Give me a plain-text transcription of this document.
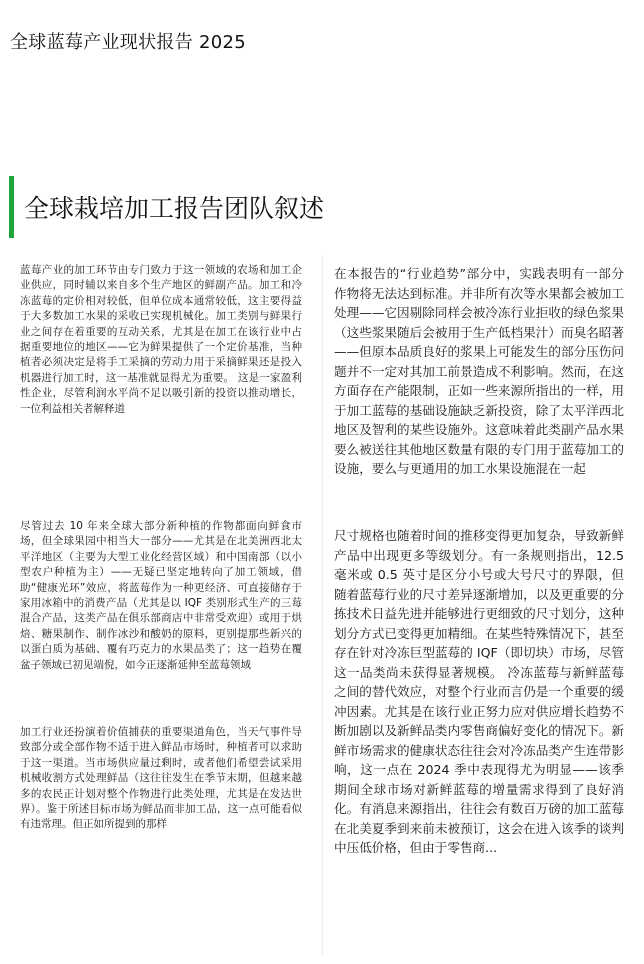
全球蓝莓产业现状报告 2025
全球栽培加工报告团队叙述

蓝莓产业的加工环节由专门致力于这一领域的农场和加工企业供应，同时辅以来自多个生产地区的鲜副产品。加工和冷冻蓝莓的定价相对较低，但单位成本通常较低，这主要得益于大多数加工水果的采收已实现机械化。加工类别与鲜果行业之间存在着重要的互动关系，尤其是在加工在该行业中占据重要地位的地区——它为鲜果提供了一个定价基准，当种植者必须决定是将手工采摘的劳动力用于采摘鲜果还是投入机器进行加工时，这一基准就显得尤为重要。 这是一家盈利性企业，尽管利润水平尚不足以吸引新的投资以推动增长，一位利益相关者解释道

尽管过去 10 年来全球大部分新种植的作物都面向鲜食市场，但全球果园中相当大一部分——尤其是在北美洲西北太平洋地区（主要为大型工业化经营区域）和中国南部（以小型农户种植为主）——无疑已坚定地转向了加工领域，借助“健康光环”效应，将蓝莓作为一种更经济、可直接储存于家用冰箱中的消费产品（尤其是以 IQF 类别形式生产的三莓混合产品，这类产品在俱乐部商店中非常受欢迎）或用于烘焙、糖果制作、制作冰沙和酸奶的原料，更别提那些新兴的以蛋白质为基础、覆有巧克力的水果品类了；这一趋势在覆盆子领域已初见端倪，如今正逐渐延伸至蓝莓领域

加工行业还扮演着价值捕获的重要渠道角色，当天气事件导致部分或全部作物不适于进入鲜品市场时，种植者可以求助于这一渠道。当市场供应量过剩时，或者他们希望尝试采用机械收割方式处理鲜品（这往往发生在季节末期，但越来越多的农民正计划对整个作物进行此类处理，尤其是在发达世界）。鉴于所述目标市场为鲜品而非加工品，这一点可能看似有违常理。但正如所提到的那样

在本报告的“行业趋势”部分中，实践表明有一部分作物将无法达到标准。并非所有次等水果都会被加工处理——它因剔除同样会被冷冻行业拒收的绿色浆果（这些浆果随后会被用于生产低档果汁）而臭名昭著——但原本品质良好的浆果上可能发生的部分压伤问题并不一定对其加工前景造成不利影响。然而，在这方面存在产能限制，正如一些来源所指出的一样，用于加工蓝莓的基础设施缺乏新投资，除了太平洋西北地区及智利的某些设施外。这意味着此类副产品水果要么被送往其他地区数量有限的专门用于蓝莓加工的设施，要么与更通用的加工水果设施混在一起

尺寸规格也随着时间的推移变得更加复杂，导致新鲜产品中出现更多等级划分。有一条规则指出，12.5毫米或 0.5 英寸是区分小号或大号尺寸的界限，但随着蓝莓行业的尺寸差异逐渐增加，以及更重要的分拣技术日益先进并能够进行更细致的尺寸划分，这种划分方式已变得更加精细。在某些特殊情况下，甚至存在针对冷冻巨型蓝莓的 IQF（即切块）市场，尽管这一品类尚未获得显著规模。 冷冻蓝莓与新鲜蓝莓之间的替代效应，对整个行业而言仍是一个重要的缓冲因素。尤其是在该行业正努力应对供应增长趋势不断加剧以及新鲜品类内零售商偏好变化的情况下。新鲜市场需求的健康状态往往会对冷冻品类产生连带影响，这一点在 2024 季中表现得尤为明显——该季期间全球市场对新鲜蓝莓的增量需求得到了良好消化。有消息来源指出，往往会有数百万磅的加工蓝莓在北美夏季到来前未被预订，这会在进入该季的谈判中压低价格，但由于零售商...
